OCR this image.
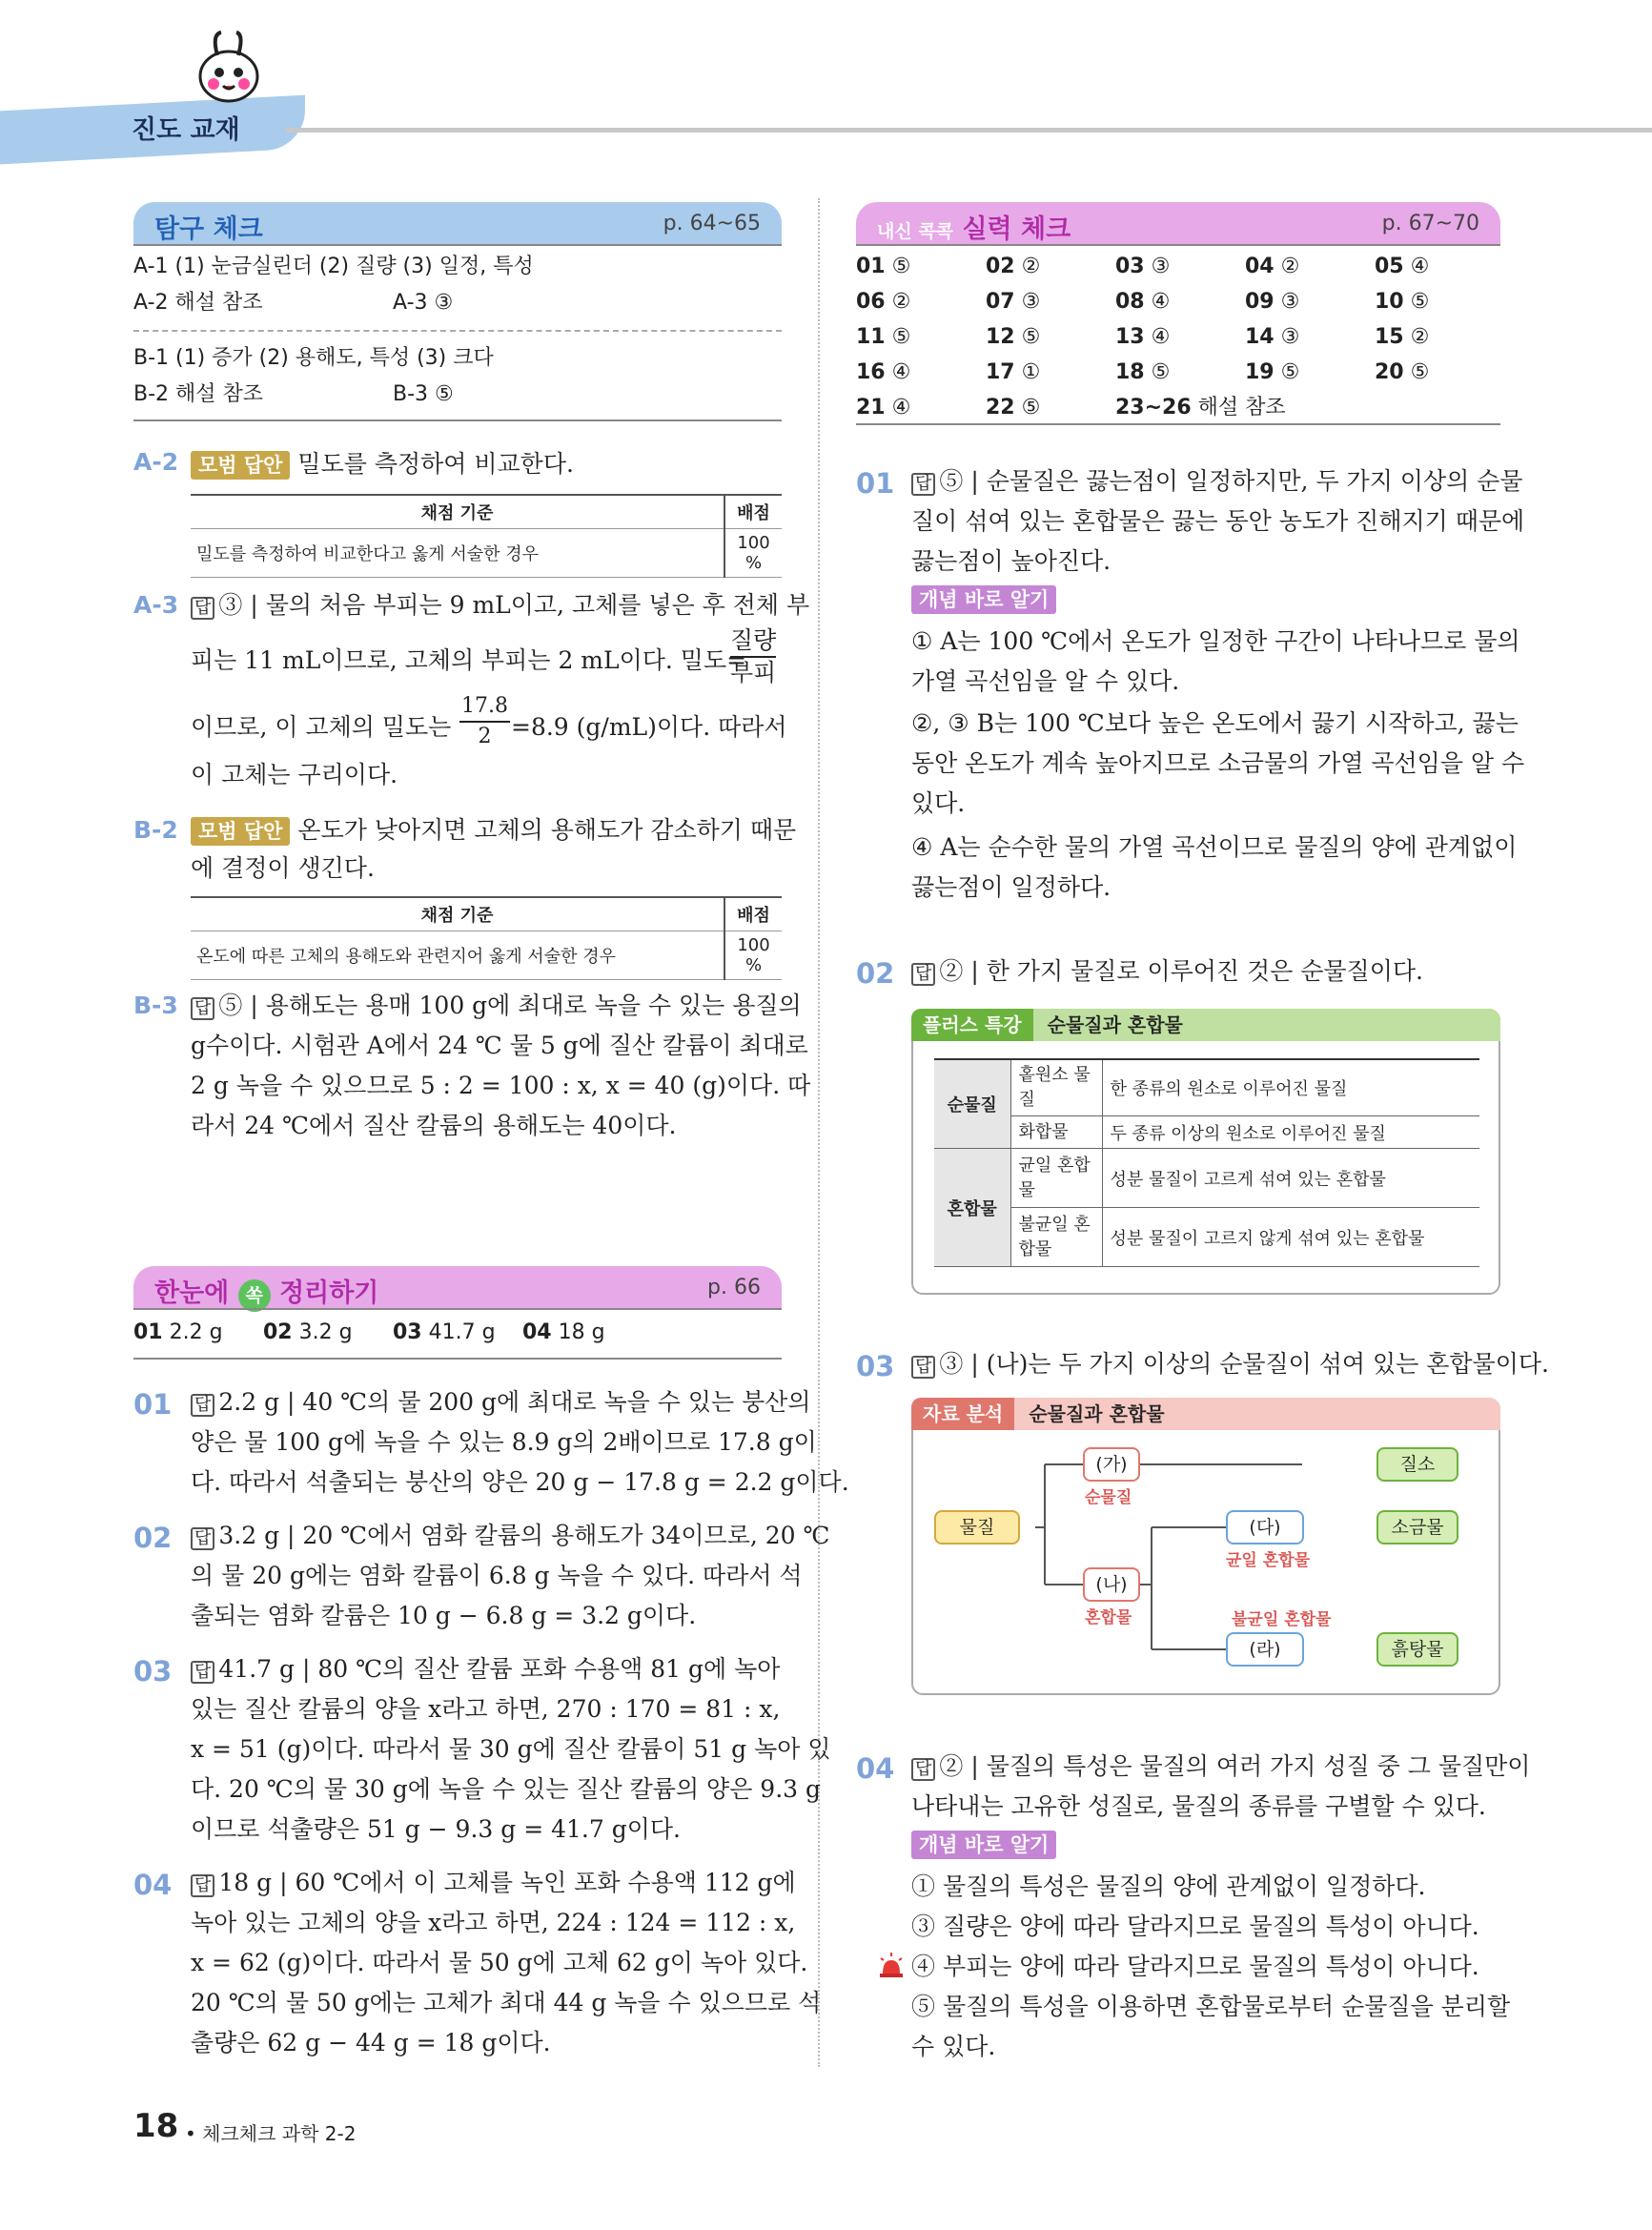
진도 교재
탐구 체크	p. 64~65
A-1 (1) 눈금실린더 (2) 질량 (3) 일정, 특성
A-2 해설 참조	A-3 ③
B-1 (1) 증가 (2) 용해도, 특성 (3) 크다
B-2 해설 참조	B-3 ⑤
A-2 모범 답안 밀도를 측정하여 비교한다.
채점 기준	배점
밀도를 측정하여 비교한다고 옳게 서술한 경우	100 %
A-3 답 ③ | 물의 처음 부피는 9 mL이고, 고체를 넣은 후 전체 부
피는 11 mL이므로, 고체의 부피는 2 mL이다. 밀도=
질량
부피
이므로, 이 고체의 밀도는
17.8
2 =8.9 (g/mL)이다. 따라서
이 고체는 구리이다.
B-2	모범 답안 온도가 낮아지면 고체의 용해도가 감소하기 때문
에 결정이 생긴다.
채점 기준	배점
온도에 따른 고체의 용해도와 관련지어 옳게 서술한 경우	100 %
B-3 답 ⑤ | 용해도는 용매 100 g에 최대로 녹을 수 있는 용질의
g수이다. 시험관 A에서 24 ℃ 물 5 g에 질산 칼륨이 최대로
2 g 녹을 수 있으므로 5 : 2 = 100 : x, x = 40 (g)이다. 따
라서 24 ℃에서 질산 칼륨의 용해도는 40이다.
한눈에 쏙 정리하기	p. 66
01 2.2 g 02 3.2 g 03 41.7 g 04 18 g
01 답 2.2 g | 40 ℃의 물 200 g에 최대로 녹을 수 있는 붕산의
양은 물 100 g에 녹을 수 있는 8.9 g의 2배이므로 17.8 g이
다. 따라서 석출되는 붕산의 양은 20 g − 17.8 g = 2.2 g이다.
02 답 3.2 g | 20 ℃에서 염화 칼륨의 용해도가 34이므로, 20 ℃
의 물 20 g에는 염화 칼륨이 6.8 g 녹을 수 있다. 따라서 석
출되는 염화 칼륨은 10 g − 6.8 g = 3.2 g이다.
03 답 41.7 g | 80 ℃의 질산 칼륨 포화 수용액 81 g에 녹아
있는 질산 칼륨의 양을 x라고 하면, 270 : 170 = 81 : x,
x = 51 (g)이다. 따라서 물 30 g에 질산 칼륨이 51 g 녹아 있
다. 20 ℃의 물 30 g에 녹을 수 있는 질산 칼륨의 양은 9.3 g
이므로 석출량은 51 g − 9.3 g = 41.7 g이다.
04 답 18 g | 60 ℃에서 이 고체를 녹인 포화 수용액 112 g에
녹아 있는 고체의 양을 x라고 하면, 224 : 124 = 112 : x,
x = 62 (g)이다. 따라서 물 50 g에 고체 62 g이 녹아 있다.
20 ℃의 물 50 g에는 고체가 최대 44 g 녹을 수 있으므로 석
출량은 62 g − 44 g = 18 g이다.
18 • 체크체크 과학 2-2
내신 콕콕 실력 체크	p. 67~70
01 ⑤	02 ②	03 ③	04 ②	05 ④
06 ②	07 ③	08 ④	09 ③	10 ⑤
11 ⑤	12 ⑤	13 ④	14 ③	15 ②
16 ④	17 ①	18 ⑤	19 ⑤	20 ⑤
21 ④	22 ⑤	23~26 해설 참조
01 답 ⑤ | 순물질은 끓는점이 일정하지만, 두 가지 이상의 순물
질이 섞여 있는 혼합물은 끓는 동안 농도가 진해지기 때문에
끓는점이 높아진다.
개념 바로 알기
① A는 100 ℃에서 온도가 일정한 구간이 나타나므로 물의
가열 곡선임을 알 수 있다.
②, ③ B는 100 ℃보다 높은 온도에서 끓기 시작하고, 끓는
동안 온도가 계속 높아지므로 소금물의 가열 곡선임을 알 수
있다.
④ A는 순수한 물의 가열 곡선이므로 물질의 양에 관계없이
끓는점이 일정하다.
02 답 ② | 한 가지 물질로 이루어진 것은 순물질이다.
플러스 특강 순물질과 혼합물
순물질	홑원소 물질	한 종류의 원소로 이루어진 물질
	화합물	두 종류 이상의 원소로 이루어진 물질
혼합물	균일 혼합물	성분 물질이 고르게 섞여 있는 혼합물
	불균일 혼합물	성분 물질이 고르지 않게 섞여 있는 혼합물
03 답 ③ | (나)는 두 가지 이상의 순물질이 섞여 있는 혼합물이다.
자료 분석 순물질과 혼합물
물질
(가)
순물질
(나)
혼합물
(다)
균일 혼합물
불균일 혼합물
(라)
질소
소금물
흙탕물
04 답 ② | 물질의 특성은 물질의 여러 가지 성질 중 그 물질만이
나타내는 고유한 성질로, 물질의 종류를 구별할 수 있다.
개념 바로 알기
① 물질의 특성은 물질의 양에 관계없이 일정하다.
③ 질량은 양에 따라 달라지므로 물질의 특성이 아니다.
④ 부피는 양에 따라 달라지므로 물질의 특성이 아니다.
⑤ 물질의 특성을 이용하면 혼합물로부터 순물질을 분리할
수 있다.
